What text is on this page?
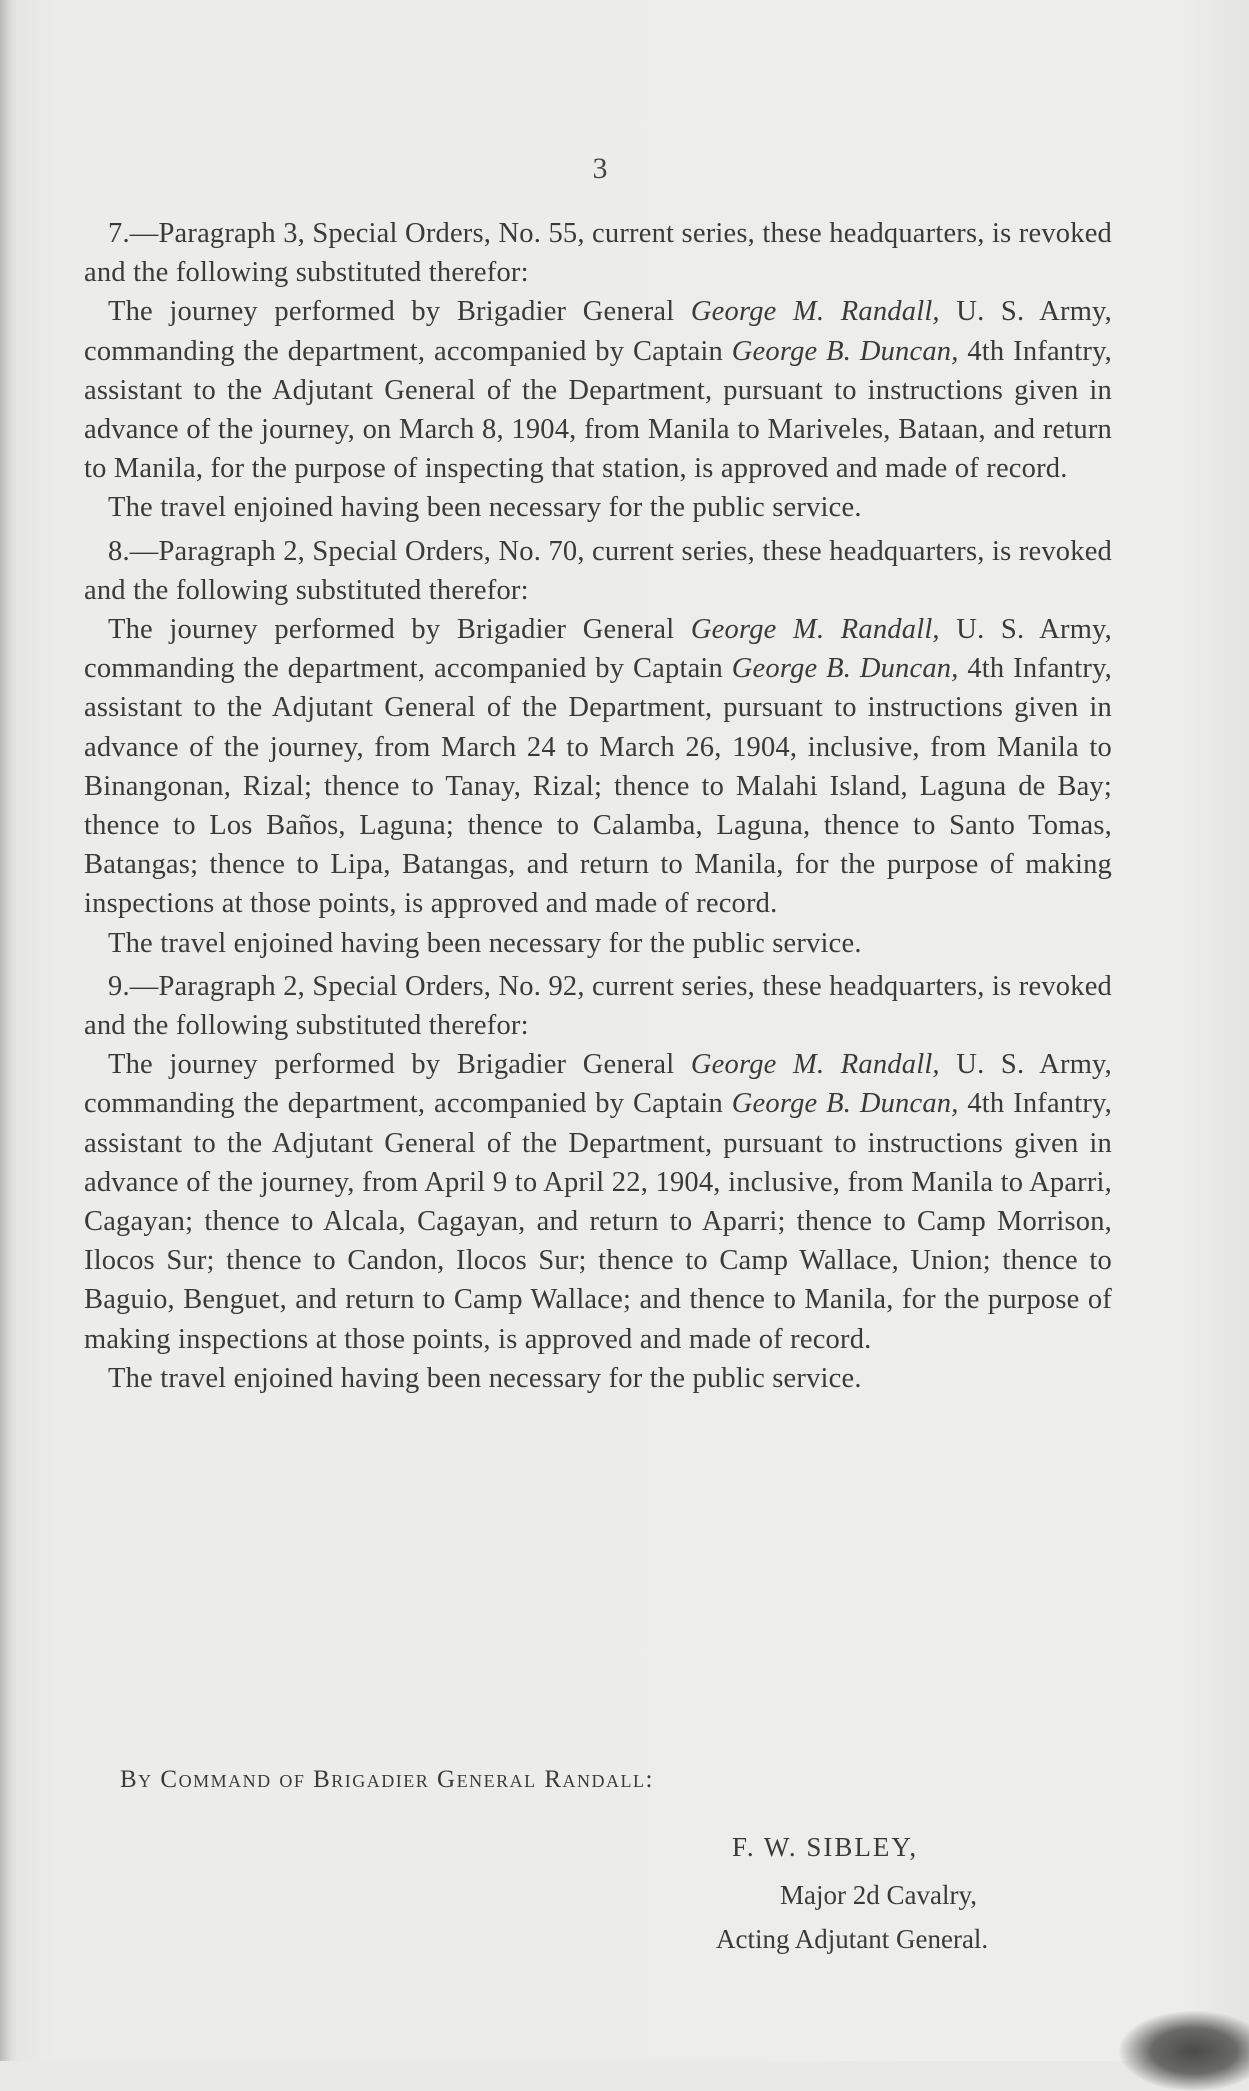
3

7.—Paragraph 3, Special Orders, No. 55, current series, these headquarters, is revoked and the following substituted therefor:

The journey performed by Brigadier General George M. Randall, U. S. Army, commanding the department, accompanied by Captain George B. Duncan, 4th Infantry, assistant to the Adjutant General of the Department, pursuant to instructions given in advance of the journey, on March 8, 1904, from Manila to Mariveles, Bataan, and return to Manila, for the purpose of inspecting that station, is approved and made of record.

The travel enjoined having been necessary for the public service.

8.—Paragraph 2, Special Orders, No. 70, current series, these headquarters, is revoked and the following substituted therefor:

The journey performed by Brigadier General George M. Randall, U. S. Army, commanding the department, accompanied by Captain George B. Duncan, 4th Infantry, assistant to the Adjutant General of the Department, pursuant to instructions given in advance of the journey, from March 24 to March 26, 1904, inclusive, from Manila to Binangonan, Rizal; thence to Tanay, Rizal; thence to Malahi Island, Laguna de Bay; thence to Los Baños, Laguna; thence to Calamba, Laguna, thence to Santo Tomas, Batangas; thence to Lipa, Batangas, and return to Manila, for the purpose of making inspections at those points, is approved and made of record.

The travel enjoined having been necessary for the public service.

9.—Paragraph 2, Special Orders, No. 92, current series, these headquarters, is revoked and the following substituted therefor:

The journey performed by Brigadier General George M. Randall, U. S. Army, commanding the department, accompanied by Captain George B. Duncan, 4th Infantry, assistant to the Adjutant General of the Department, pursuant to instructions given in advance of the journey, from April 9 to April 22, 1904, inclusive, from Manila to Aparri, Cagayan; thence to Alcala, Cagayan, and return to Aparri; thence to Camp Morrison, Ilocos Sur; thence to Candon, Ilocos Sur; thence to Camp Wallace, Union; thence to Baguio, Benguet, and return to Camp Wallace; and thence to Manila, for the purpose of making inspections at those points, is approved and made of record.

The travel enjoined having been necessary for the public service.

By Command of Brigadier General Randall:
F. W. SIBLEY,
Major 2d Cavalry,
Acting Adjutant General.
